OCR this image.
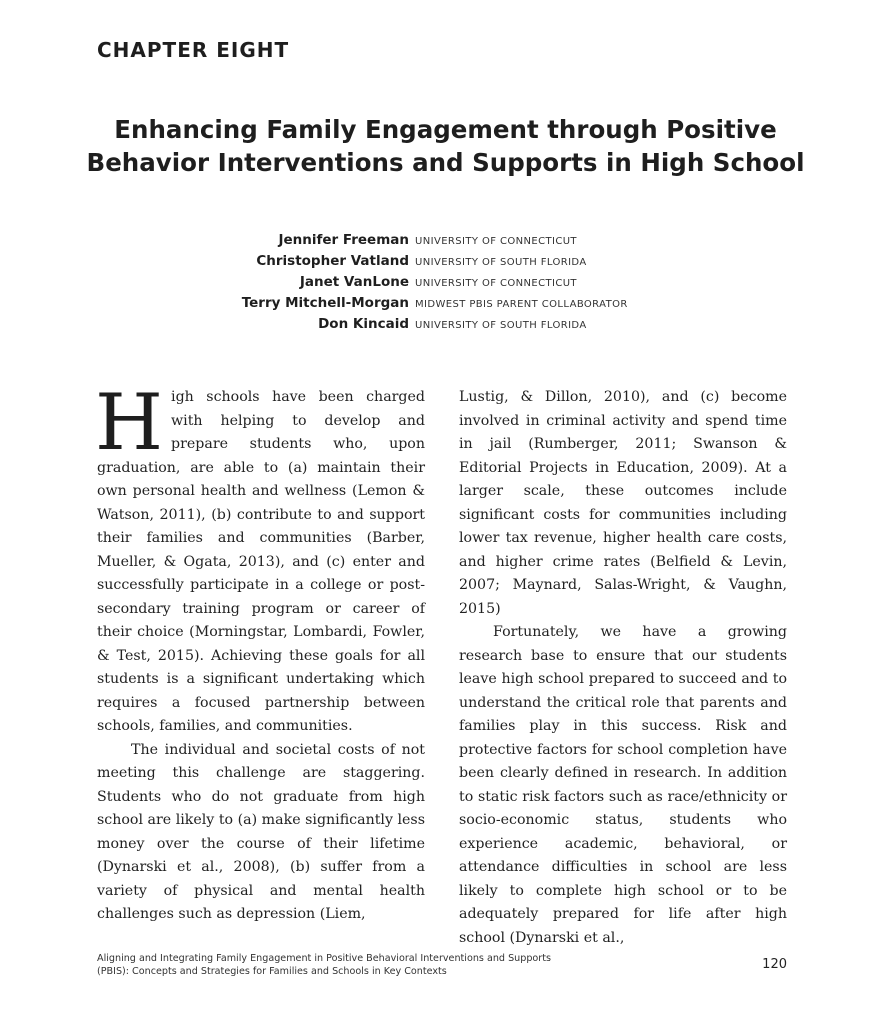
CHAPTER EIGHT
Enhancing Family Engagement through Positive Behavior Interventions and Supports in High School
Jennifer Freeman UNIVERSITY OF CONNECTICUT
Christopher Vatland UNIVERSITY OF SOUTH FLORIDA
Janet VanLone UNIVERSITY OF CONNECTICUT
Terry Mitchell-Morgan MIDWEST PBIS PARENT COLLABORATOR
Don Kincaid UNIVERSITY OF SOUTH FLORIDA

High schools have been charged with helping to develop and prepare students who, upon graduation, are able to (a) maintain their own personal health and wellness (Lemon & Watson, 2011), (b) contribute to and support their families and communities (Barber, Mueller, & Ogata, 2013), and (c) enter and successfully participate in a college or post-secondary training program or career of their choice (Morningstar, Lombardi, Fowler, & Test, 2015). Achieving these goals for all students is a significant undertaking which requires a focused partnership between schools, families, and communities.

The individual and societal costs of not meeting this challenge are staggering. Students who do not graduate from high school are likely to (a) make significantly less money over the course of their lifetime (Dynarski et al., 2008), (b) suffer from a variety of physical and mental health challenges such as depression (Liem,

Lustig, & Dillon, 2010), and (c) become involved in criminal activity and spend time in jail (Rumberger, 2011; Swanson & Editorial Projects in Education, 2009). At a larger scale, these outcomes include significant costs for communities including lower tax revenue, higher health care costs, and higher crime rates (Belfield & Levin, 2007; Maynard, Salas-Wright, & Vaughn, 2015)

Fortunately, we have a growing research base to ensure that our students leave high school prepared to succeed and to understand the critical role that parents and families play in this success. Risk and protective factors for school completion have been clearly defined in research. In addition to static risk factors such as race/ethnicity or socio-economic status, students who experience academic, behavioral, or attendance difficulties in school are less likely to complete high school or to be adequately prepared for life after high school (Dynarski et al.,

Aligning and Integrating Family Engagement in Positive Behavioral Interventions and Supports (PBIS): Concepts and Strategies for Families and Schools in Key Contexts	120
